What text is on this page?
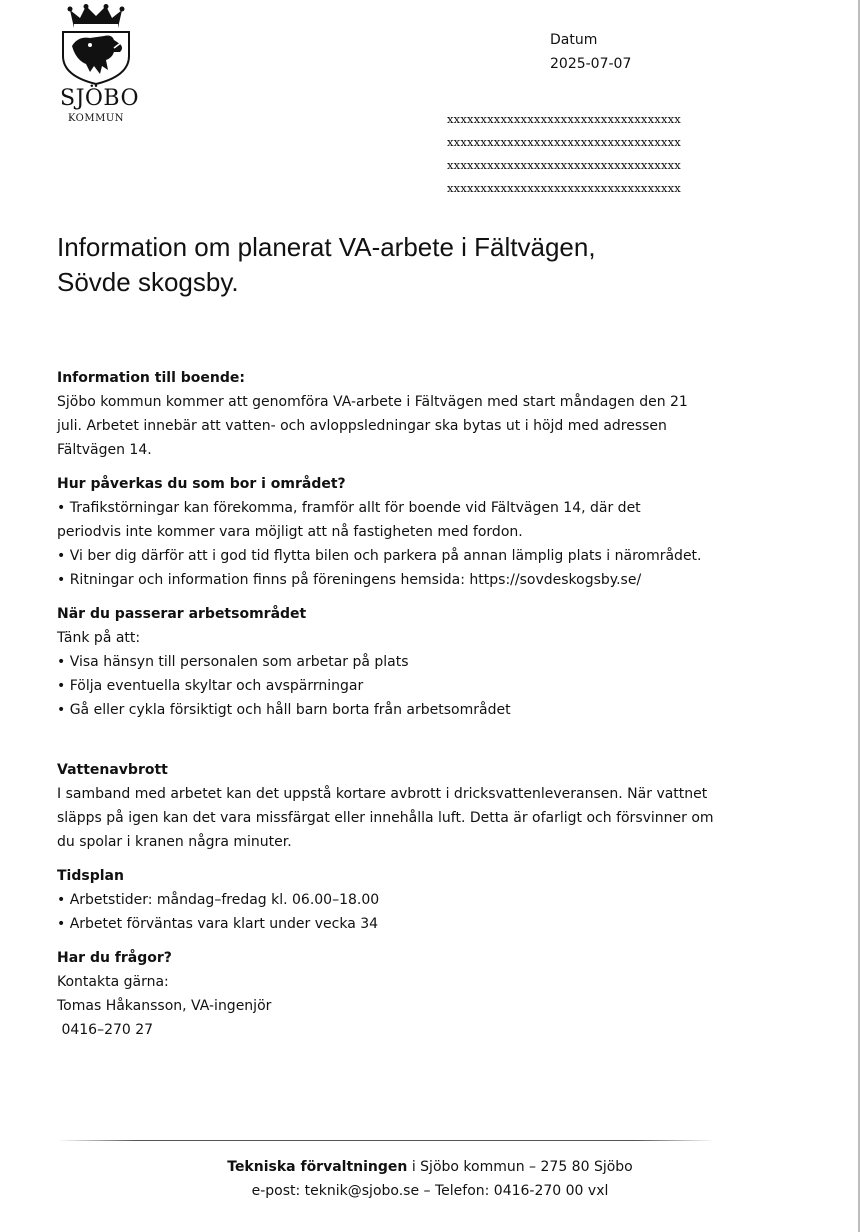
SJÖBO
KOMMUN
Datum
2025-07-07
xxxxxxxxxxxxxxxxxxxxxxxxxxxxxxxxxxx
xxxxxxxxxxxxxxxxxxxxxxxxxxxxxxxxxxx
xxxxxxxxxxxxxxxxxxxxxxxxxxxxxxxxxxx
xxxxxxxxxxxxxxxxxxxxxxxxxxxxxxxxxxx
Information om planerat VA-arbete i Fältvägen,
Sövde skogsby.
Information till boende:
Sjöbo kommun kommer att genomföra VA-arbete i Fältvägen med start måndagen den 21
juli. Arbetet innebär att vatten- och avloppsledningar ska bytas ut i höjd med adressen
Fältvägen 14.
Hur påverkas du som bor i området?
• Trafikstörningar kan förekomma, framför allt för boende vid Fältvägen 14, där det
periodvis inte kommer vara möjligt att nå fastigheten med fordon.
• Vi ber dig därför att i god tid flytta bilen och parkera på annan lämplig plats i närområdet.
• Ritningar och information finns på föreningens hemsida: https://sovdeskogsby.se/
När du passerar arbetsområdet
Tänk på att:
• Visa hänsyn till personalen som arbetar på plats
• Följa eventuella skyltar och avspärrningar
• Gå eller cykla försiktigt och håll barn borta från arbetsområdet
Vattenavbrott
I samband med arbetet kan det uppstå kortare avbrott i dricksvattenleveransen. När vattnet
släpps på igen kan det vara missfärgat eller innehålla luft. Detta är ofarligt och försvinner om
du spolar i kranen några minuter.
Tidsplan
• Arbetstider: måndag–fredag kl. 06.00–18.00
• Arbetet förväntas vara klart under vecka 34
Har du frågor?
Kontakta gärna:
Tomas Håkansson, VA-ingenjör
0416–270 27
Tekniska förvaltningen i Sjöbo kommun – 275 80 Sjöbo
e-post: teknik@sjobo.se – Telefon: 0416-270 00 vxl
